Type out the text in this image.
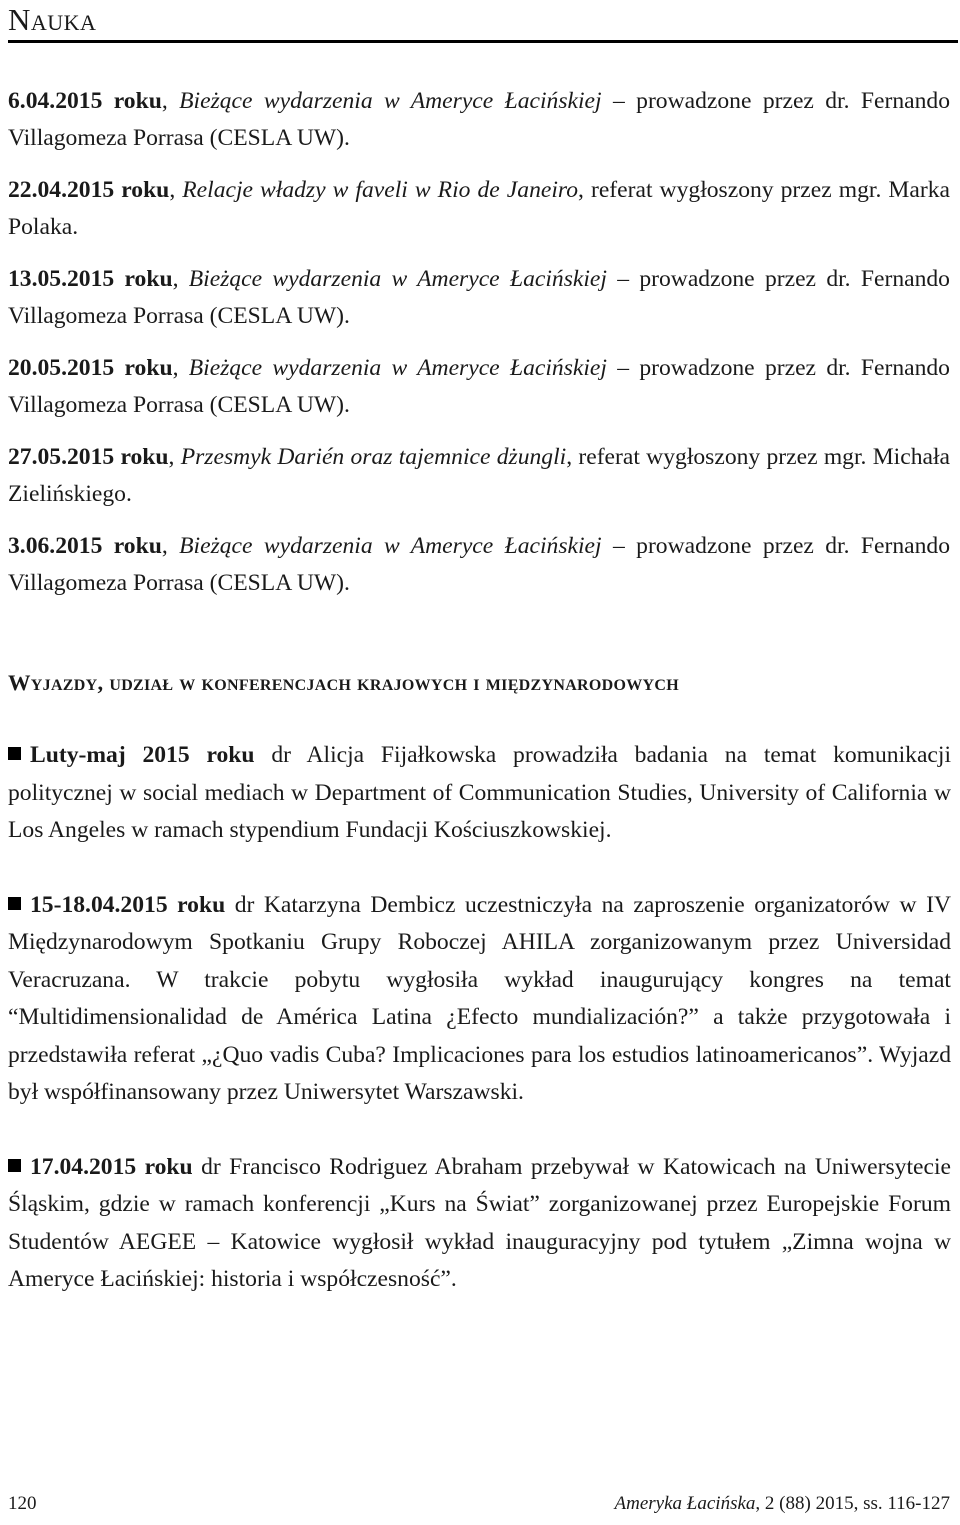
Nauka

6.04.2015 roku, Bieżące wydarzenia w Ameryce Łacińskiej – prowadzone przez dr. Fernando Villagomeza Porrasa (CESLA UW).

22.04.2015 roku, Relacje władzy w faveli w Rio de Janeiro, referat wygłoszony przez mgr. Marka Polaka.

13.05.2015 roku, Bieżące wydarzenia w Ameryce Łacińskiej – prowadzone przez dr. Fernando Villagomeza Porrasa (CESLA UW).

20.05.2015 roku, Bieżące wydarzenia w Ameryce Łacińskiej – prowadzone przez dr. Fernando Villagomeza Porrasa (CESLA UW).

27.05.2015 roku, Przesmyk Darién oraz tajemnice dżungli, referat wygłoszony przez mgr. Michała Zielińskiego.

3.06.2015 roku, Bieżące wydarzenia w Ameryce Łacińskiej – prowadzone przez dr. Fernando Villagomeza Porrasa (CESLA UW).

Wyjazdy, udział w konferencjach krajowych i międzynarodowych

Luty-maj 2015 roku dr Alicja Fijałkowska prowadziła badania na temat komunikacji politycznej w social mediach w Department of Communication Studies, University of California w Los Angeles w ramach stypendium Fundacji Kościuszkowskiej.

15-18.04.2015 roku dr Katarzyna Dembicz uczestniczyła na zaproszenie organizatorów w IV Międzynarodowym Spotkaniu Grupy Roboczej AHILA zorganizowanym przez Universidad Veracruzana. W trakcie pobytu wygłosiła wykład inaugurujący kongres na temat “Multidimensionalidad de América Latina ¿Efecto mundialización?” a także przygotowała i przedstawiła referat „¿Quo vadis Cuba? Implicaciones para los estudios latinoamericanos”. Wyjazd był współfinansowany przez Uniwersytet Warszawski.

17.04.2015 roku dr Francisco Rodriguez Abraham przebywał w Katowicach na Uniwersytecie Śląskim, gdzie w ramach konferencji „Kurs na Świat” zorganizowanej przez Europejskie Forum Studentów AEGEE – Katowice wygłosił wykład inauguracyjny pod tytułem „Zimna wojna w Ameryce Łacińskiej: historia i współczesność”.

120	Ameryka Łacińska, 2 (88) 2015, ss. 116-127
